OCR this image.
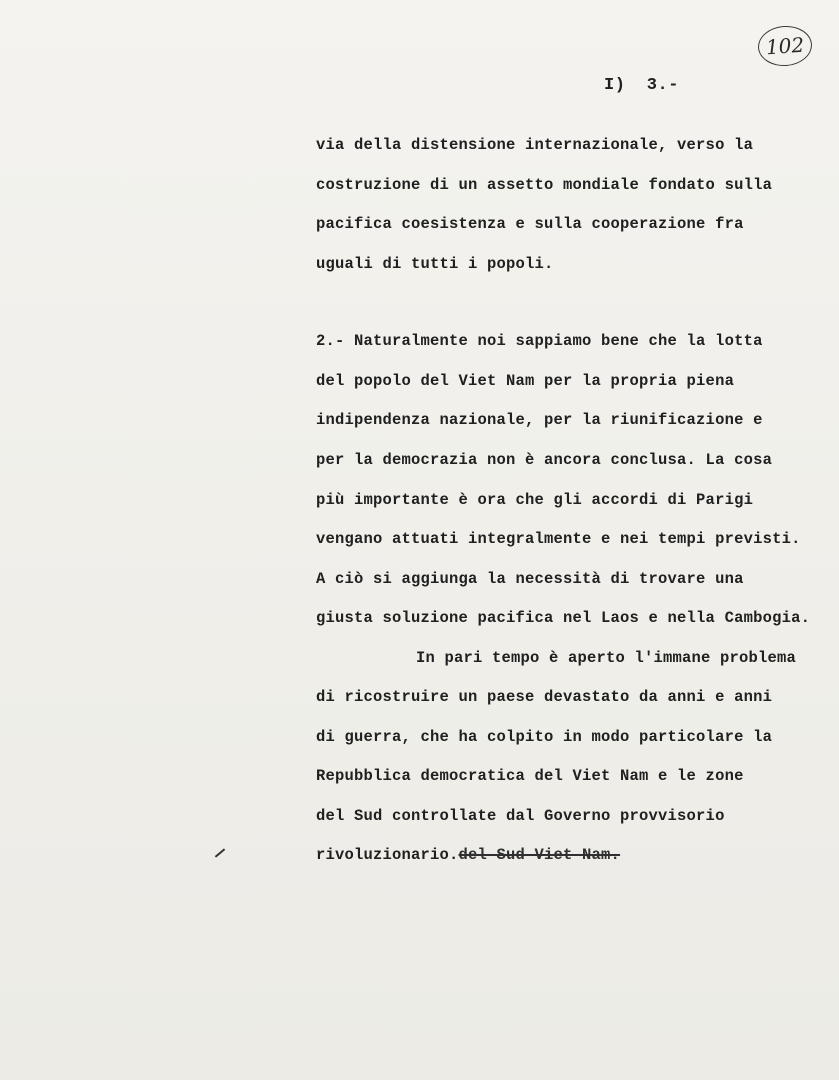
102
I)  3.-
via della distensione internazionale, verso la
costruzione di un assetto mondiale fondato sulla
pacifica coesistenza e sulla cooperazione fra
uguali di tutti i popoli.
2.- Naturalmente noi sappiamo bene che la lotta
del popolo del Viet Nam per la propria piena
indipendenza nazionale, per la riunificazione e
per la democrazia non è ancora conclusa. La cosa
più importante è ora che gli accordi di Parigi
vengano attuati integralmente e nei tempi previsti.
A ciò si aggiunga la necessità di trovare una
giusta soluzione pacifica nel Laos e nella Cambogia.
In pari tempo è aperto l'immane problema
di ricostruire un paese devastato da anni e anni
di guerra, che ha colpito in modo particolare la
Repubblica democratica del Viet Nam e le zone
del Sud controllate dal Governo provvisorio
rivoluzionario.del Sud Viet Nam.
